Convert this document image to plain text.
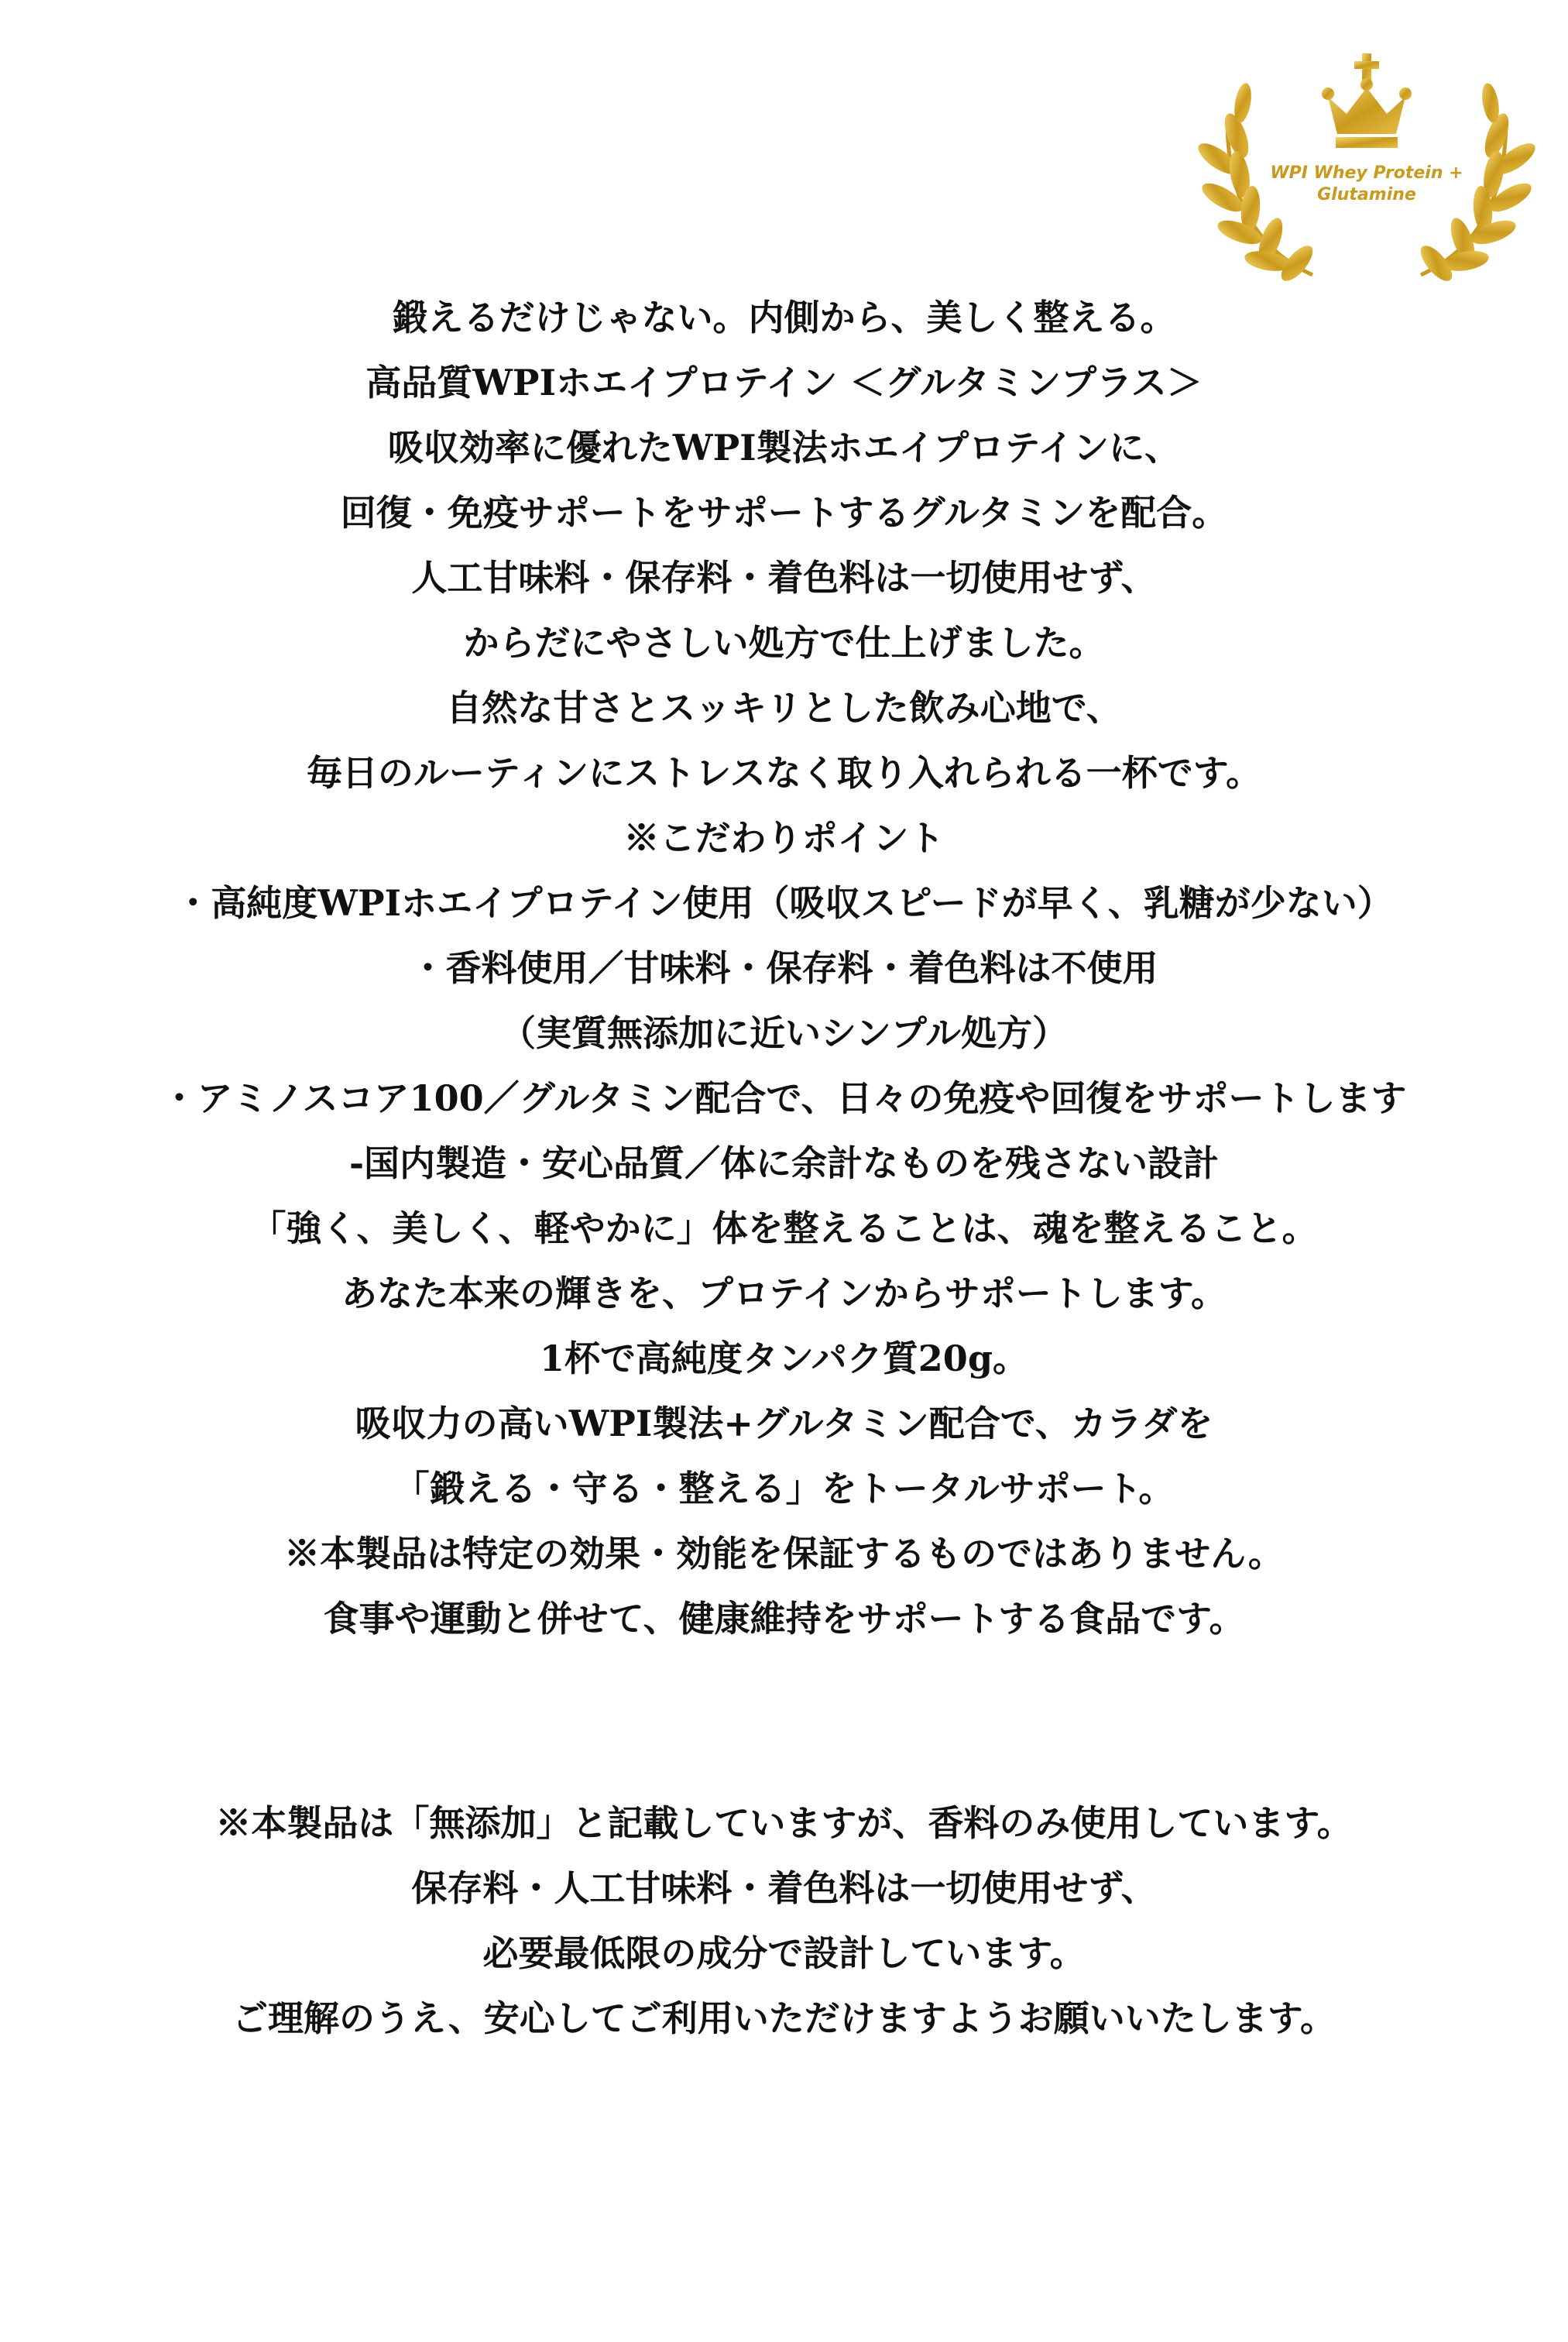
WPI Whey Protein +
Glutamine
鍛えるだけじゃない。内側から、美しく整える。
高品質WPIホエイプロテイン ＜グルタミンプラス＞
吸収効率に優れたWPI製法ホエイプロテインに、
回復・免疫サポートをサポートするグルタミンを配合。
人工甘味料・保存料・着色料は一切使用せず、
からだにやさしい処方で仕上げました。
自然な甘さとスッキリとした飲み心地で、
毎日のルーティンにストレスなく取り入れられる一杯です。
※こだわりポイント
・高純度WPIホエイプロテイン使用（吸収スピードが早く、乳糖が少ない）
・香料使用／甘味料・保存料・着色料は不使用
（実質無添加に近いシンプル処方）
・アミノスコア100／グルタミン配合で、日々の免疫や回復をサポートします
-国内製造・安心品質／体に余計なものを残さない設計
「強く、美しく、軽やかに」体を整えることは、魂を整えること。
あなた本来の輝きを、プロテインからサポートします。
1杯で高純度タンパク質20g。
吸収力の高いWPI製法+グルタミン配合で、カラダを
「鍛える・守る・整える」をトータルサポート。
※本製品は特定の効果・効能を保証するものではありません。
食事や運動と併せて、健康維持をサポートする食品です。
※本製品は「無添加」と記載していますが、香料のみ使用しています。
保存料・人工甘味料・着色料は一切使用せず、
必要最低限の成分で設計しています。
ご理解のうえ、安心してご利用いただけますようお願いいたします。
